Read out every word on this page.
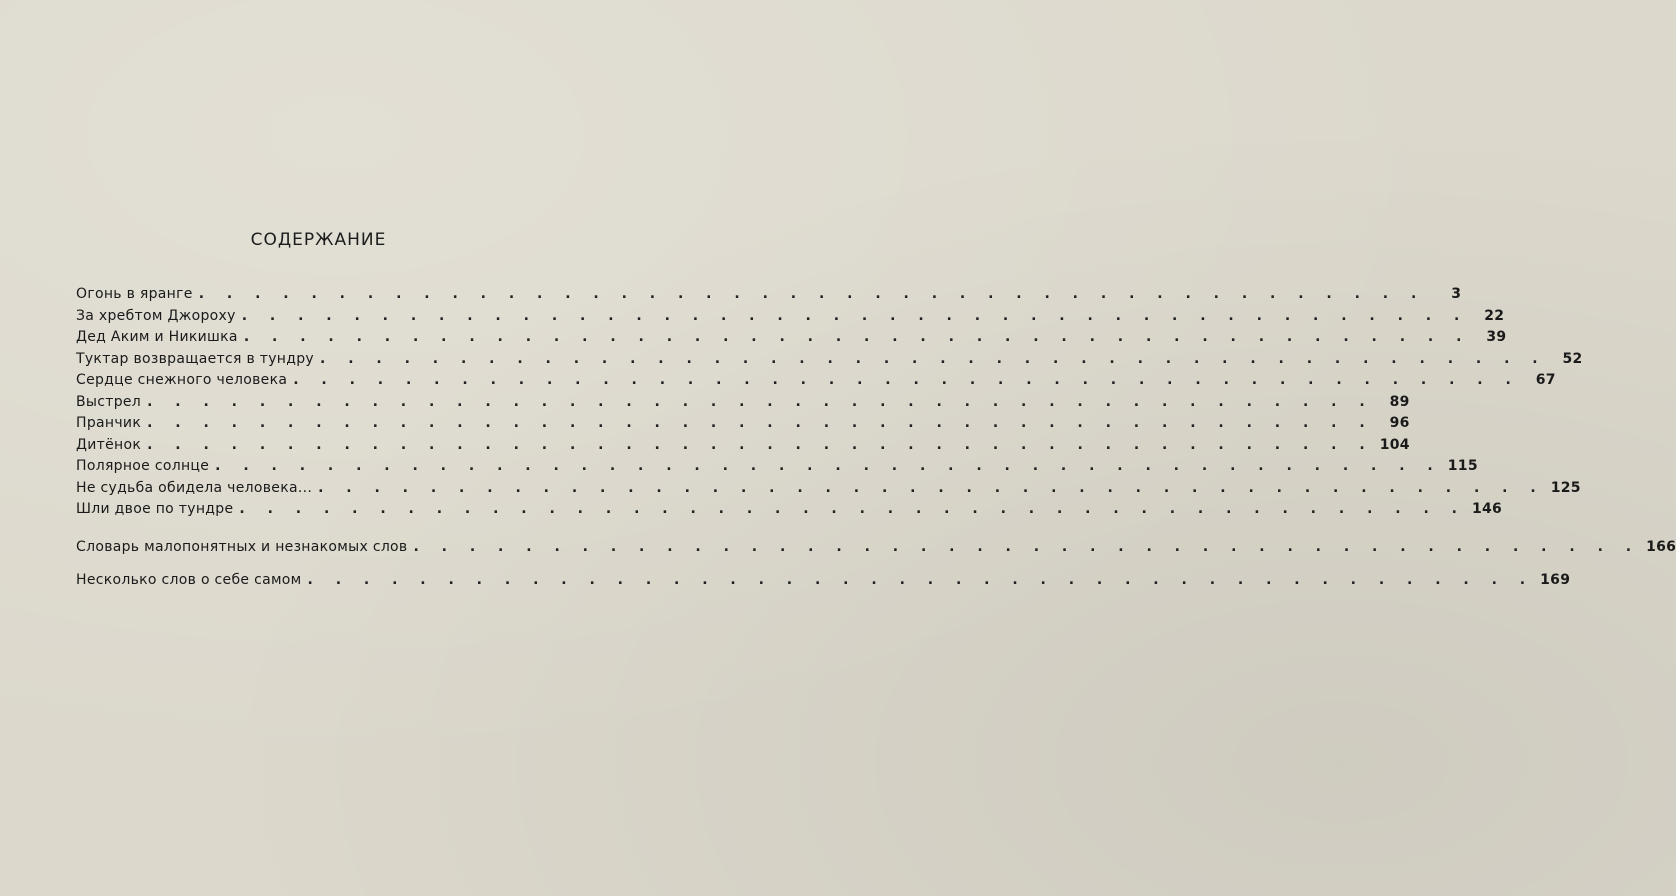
СОДЕРЖАНИЕ
Огонь в яранге . . . . . . . . . . . . . . . . . . . . . . . . . . . . . . . . . . . . . . . . . . . .	3
За хребтом Джороху . . . . . . . . . . . . . . . . . . . . . . . . . . . . . . . . . . . . . . . . . . . .	22
Дед Аким и Никишка . . . . . . . . . . . . . . . . . . . . . . . . . . . . . . . . . . . . . . . . . . . .	39
Туктар возвращается в тундру . . . . . . . . . . . . . . . . . . . . . . . . . . . . . . . . . . . . . . . . . . . .	52
Сердце снежного человека . . . . . . . . . . . . . . . . . . . . . . . . . . . . . . . . . . . . . . . . . . . .	67
Выстрел . . . . . . . . . . . . . . . . . . . . . . . . . . . . . . . . . . . . . . . . . . . .	89
Пранчик . . . . . . . . . . . . . . . . . . . . . . . . . . . . . . . . . . . . . . . . . . . .	96
Дитёнок . . . . . . . . . . . . . . . . . . . . . . . . . . . . . . . . . . . . . . . . . . . . 104
Полярное солнце . . . . . . . . . . . . . . . . . . . . . . . . . . . . . . . . . . . . . . . . . . . . 115
Не судьба обидела человека... . . . . . . . . . . . . . . . . . . . . . . . . . . . . . . . . . . . . . . . . . . . . 125
Шли двое по тундре . . . . . . . . . . . . . . . . . . . . . . . . . . . . . . . . . . . . . . . . . . . . 146
Словарь малопонятных и незнакомых слов . . . . . . . . . . . . . . . . . . . . . . . . . . . . . . . . . . . . . . . . . . . . 166
Несколько слов о себе самом . . . . . . . . . . . . . . . . . . . . . . . . . . . . . . . . . . . . . . . . . . . . 169
